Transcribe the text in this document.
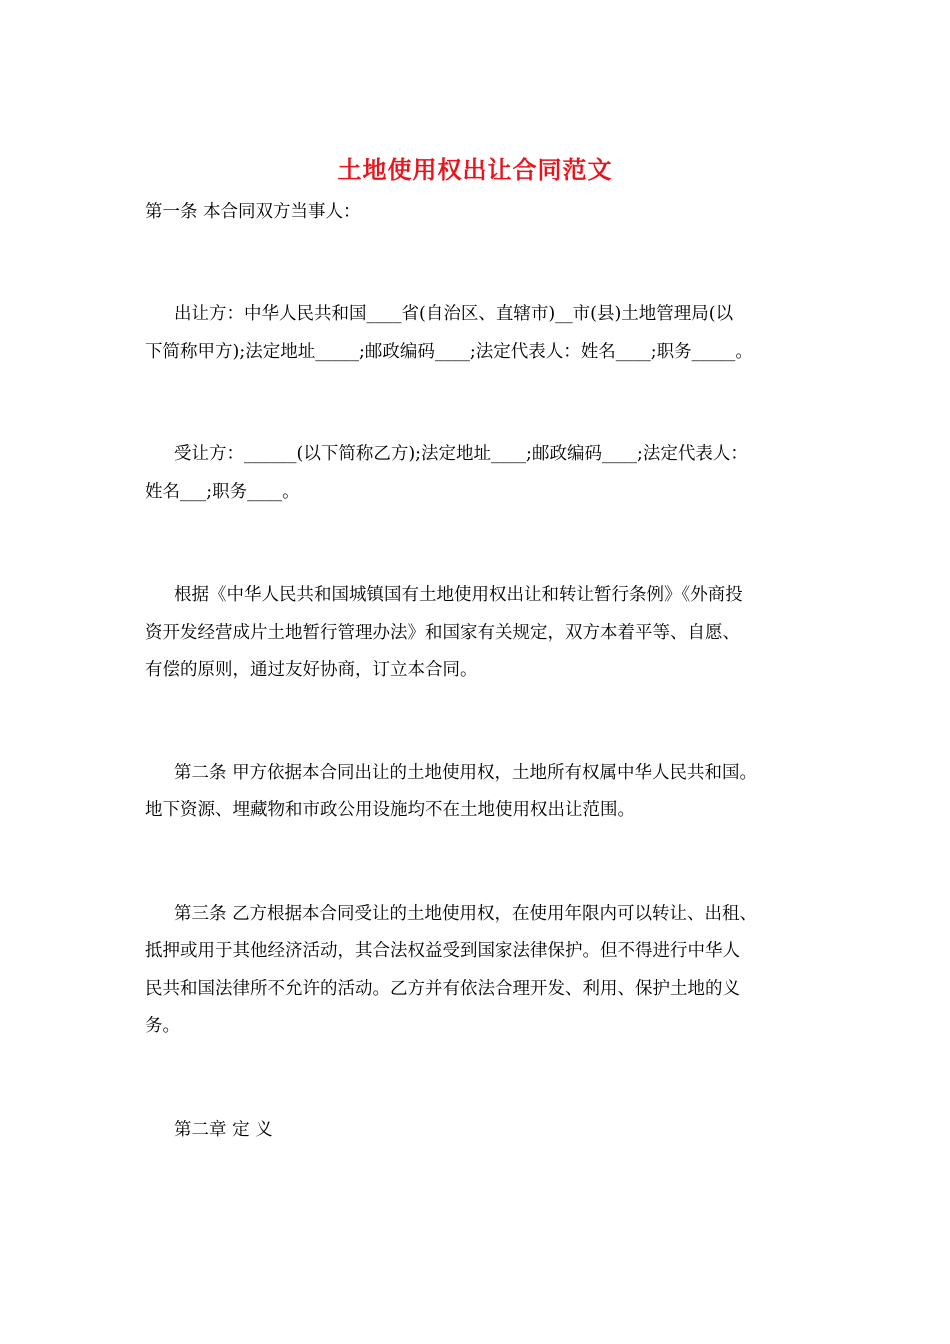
土地使用权出让合同范文

第一条 本合同双方当事人：

出让方：中华人民共和国____省(自治区、直辖市)__市(县)土地管理局(以

下简称甲方);法定地址_____;邮政编码____;法定代表人：姓名____;职务_____。

受让方：______(以下简称乙方);法定地址____;邮政编码____;法定代表人：

姓名___;职务____。

根据《中华人民共和国城镇国有土地使用权出让和转让暂行条例》《外商投

资开发经营成片土地暂行管理办法》和国家有关规定，双方本着平等、自愿、

有偿的原则，通过友好协商，订立本合同。

第二条 甲方依据本合同出让的土地使用权，土地所有权属中华人民共和国。

地下资源、埋藏物和市政公用设施均不在土地使用权出让范围。

第三条 乙方根据本合同受让的土地使用权，在使用年限内可以转让、出租、

抵押或用于其他经济活动，其合法权益受到国家法律保护。但不得进行中华人

民共和国法律所不允许的活动。乙方并有依法合理开发、利用、保护土地的义

务。

第二章 定 义
